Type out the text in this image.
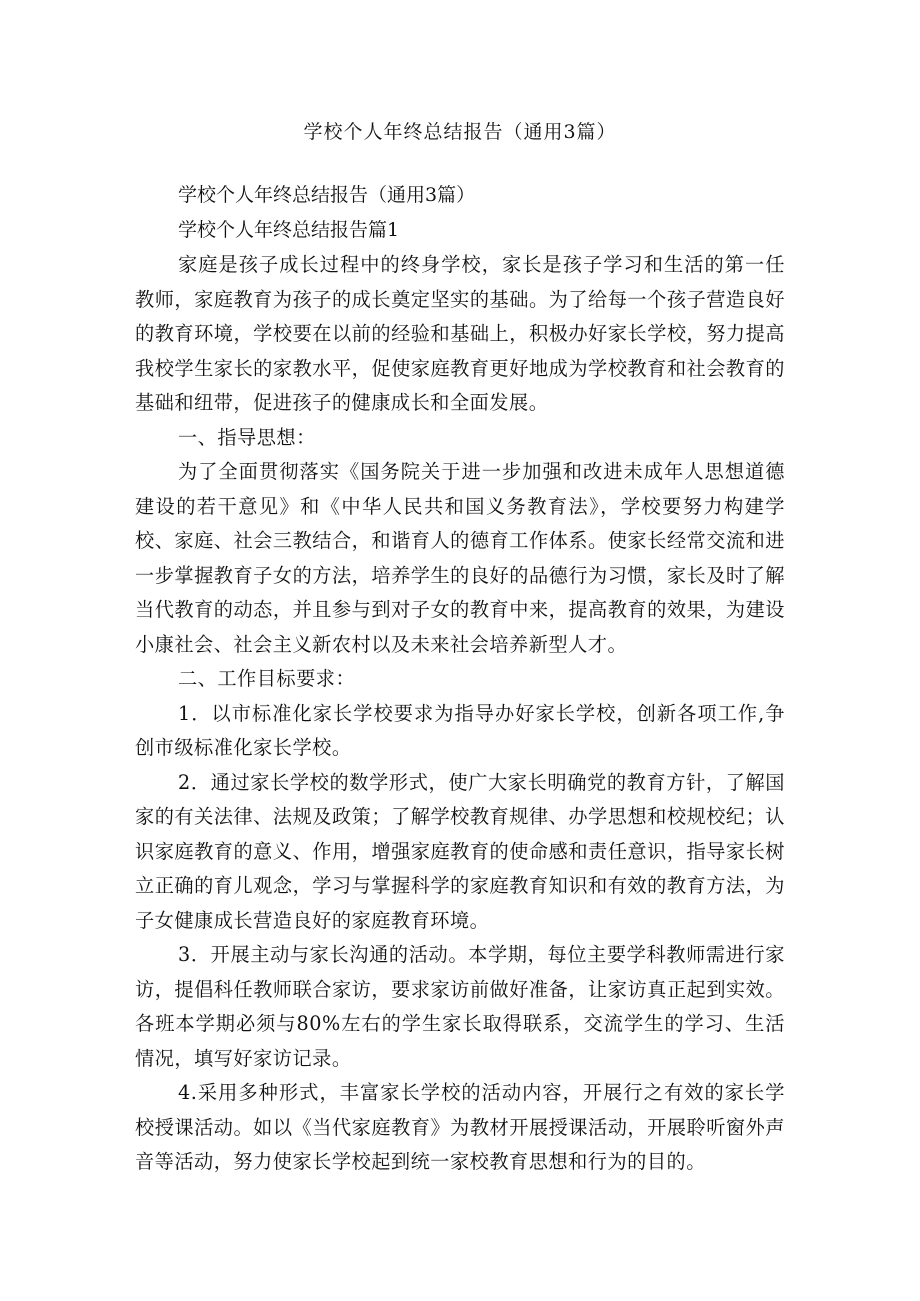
学校个人年终总结报告（通用3篇）

学校个人年终总结报告（通用3篇）

学校个人年终总结报告篇1

家庭是孩子成长过程中的终身学校，家长是孩子学习和生活的第一任教师，家庭教育为孩子的成长奠定坚实的基础。为了给每一个孩子营造良好的教育环境，学校要在以前的经验和基础上，积极办好家长学校，努力提高我校学生家长的家教水平，促使家庭教育更好地成为学校教育和社会教育的基础和纽带，促进孩子的健康成长和全面发展。

一、指导思想：

为了全面贯彻落实《国务院关于进一步加强和改进未成年人思想道德建设的若干意见》和《中华人民共和国义务教育法》，学校要努力构建学校、家庭、社会三教结合，和谐育人的德育工作体系。使家长经常交流和进一步掌握教育子女的方法，培养学生的良好的品德行为习惯，家长及时了解当代教育的动态，并且参与到对子女的教育中来，提高教育的效果，为建设小康社会、社会主义新农村以及未来社会培养新型人才。

二、工作目标要求：

1．以市标准化家长学校要求为指导办好家长学校，创新各项工作,争创市级标准化家长学校。

2．通过家长学校的数学形式，使广大家长明确党的教育方针，了解国家的有关法律、法规及政策；了解学校教育规律、办学思想和校规校纪；认识家庭教育的意义、作用，增强家庭教育的使命感和责任意识，指导家长树立正确的育儿观念，学习与掌握科学的家庭教育知识和有效的教育方法，为子女健康成长营造良好的家庭教育环境。

3．开展主动与家长沟通的活动。本学期，每位主要学科教师需进行家访，提倡科任教师联合家访，要求家访前做好准备，让家访真正起到实效。各班本学期必须与80%左右的学生家长取得联系，交流学生的学习、生活情况，填写好家访记录。

4.采用多种形式，丰富家长学校的活动内容，开展行之有效的家长学校授课活动。如以《当代家庭教育》为教材开展授课活动，开展聆听窗外声音等活动，努力使家长学校起到统一家校教育思想和行为的目的。
